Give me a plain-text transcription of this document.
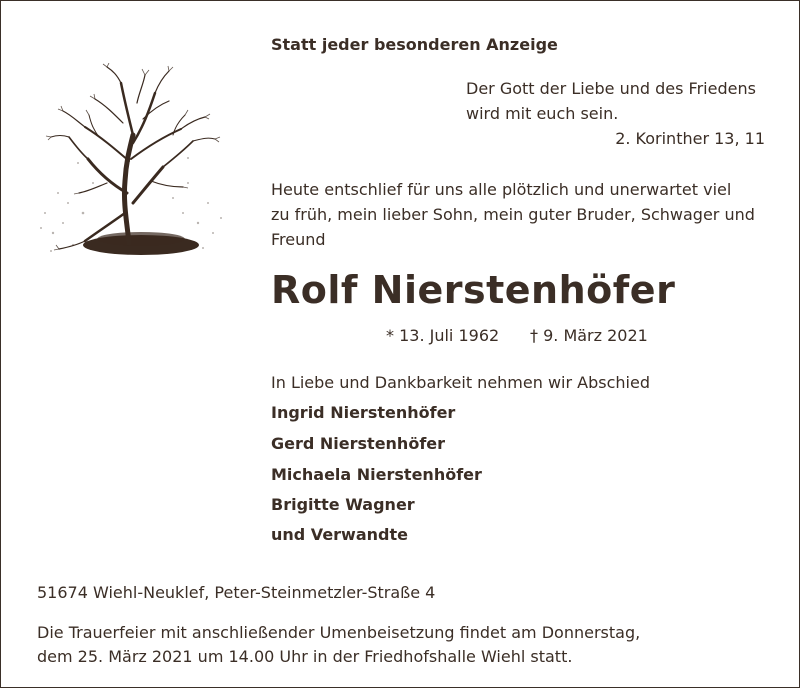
Statt jeder besonderen Anzeige
Der Gott der Liebe und des Friedens
wird mit euch sein.
2. Korinther 13, 11
Heute entschlief für uns alle plötzlich und unerwartet viel
zu früh, mein lieber Sohn, mein guter Bruder, Schwager und
Freund
Rolf Nierstenhöfer
* 13. Juli 1962 † 9. März 2021
In Liebe und Dankbarkeit nehmen wir Abschied
Ingrid Nierstenhöfer
Gerd Nierstenhöfer
Michaela Nierstenhöfer
Brigitte Wagner
und Verwandte
51674 Wiehl-Neuklef, Peter-Steinmetzler-Straße 4
Die Trauerfeier mit anschließender Umenbeisetzung findet am Donnerstag,
dem 25. März 2021 um 14.00 Uhr in der Friedhofshalle Wiehl statt.
